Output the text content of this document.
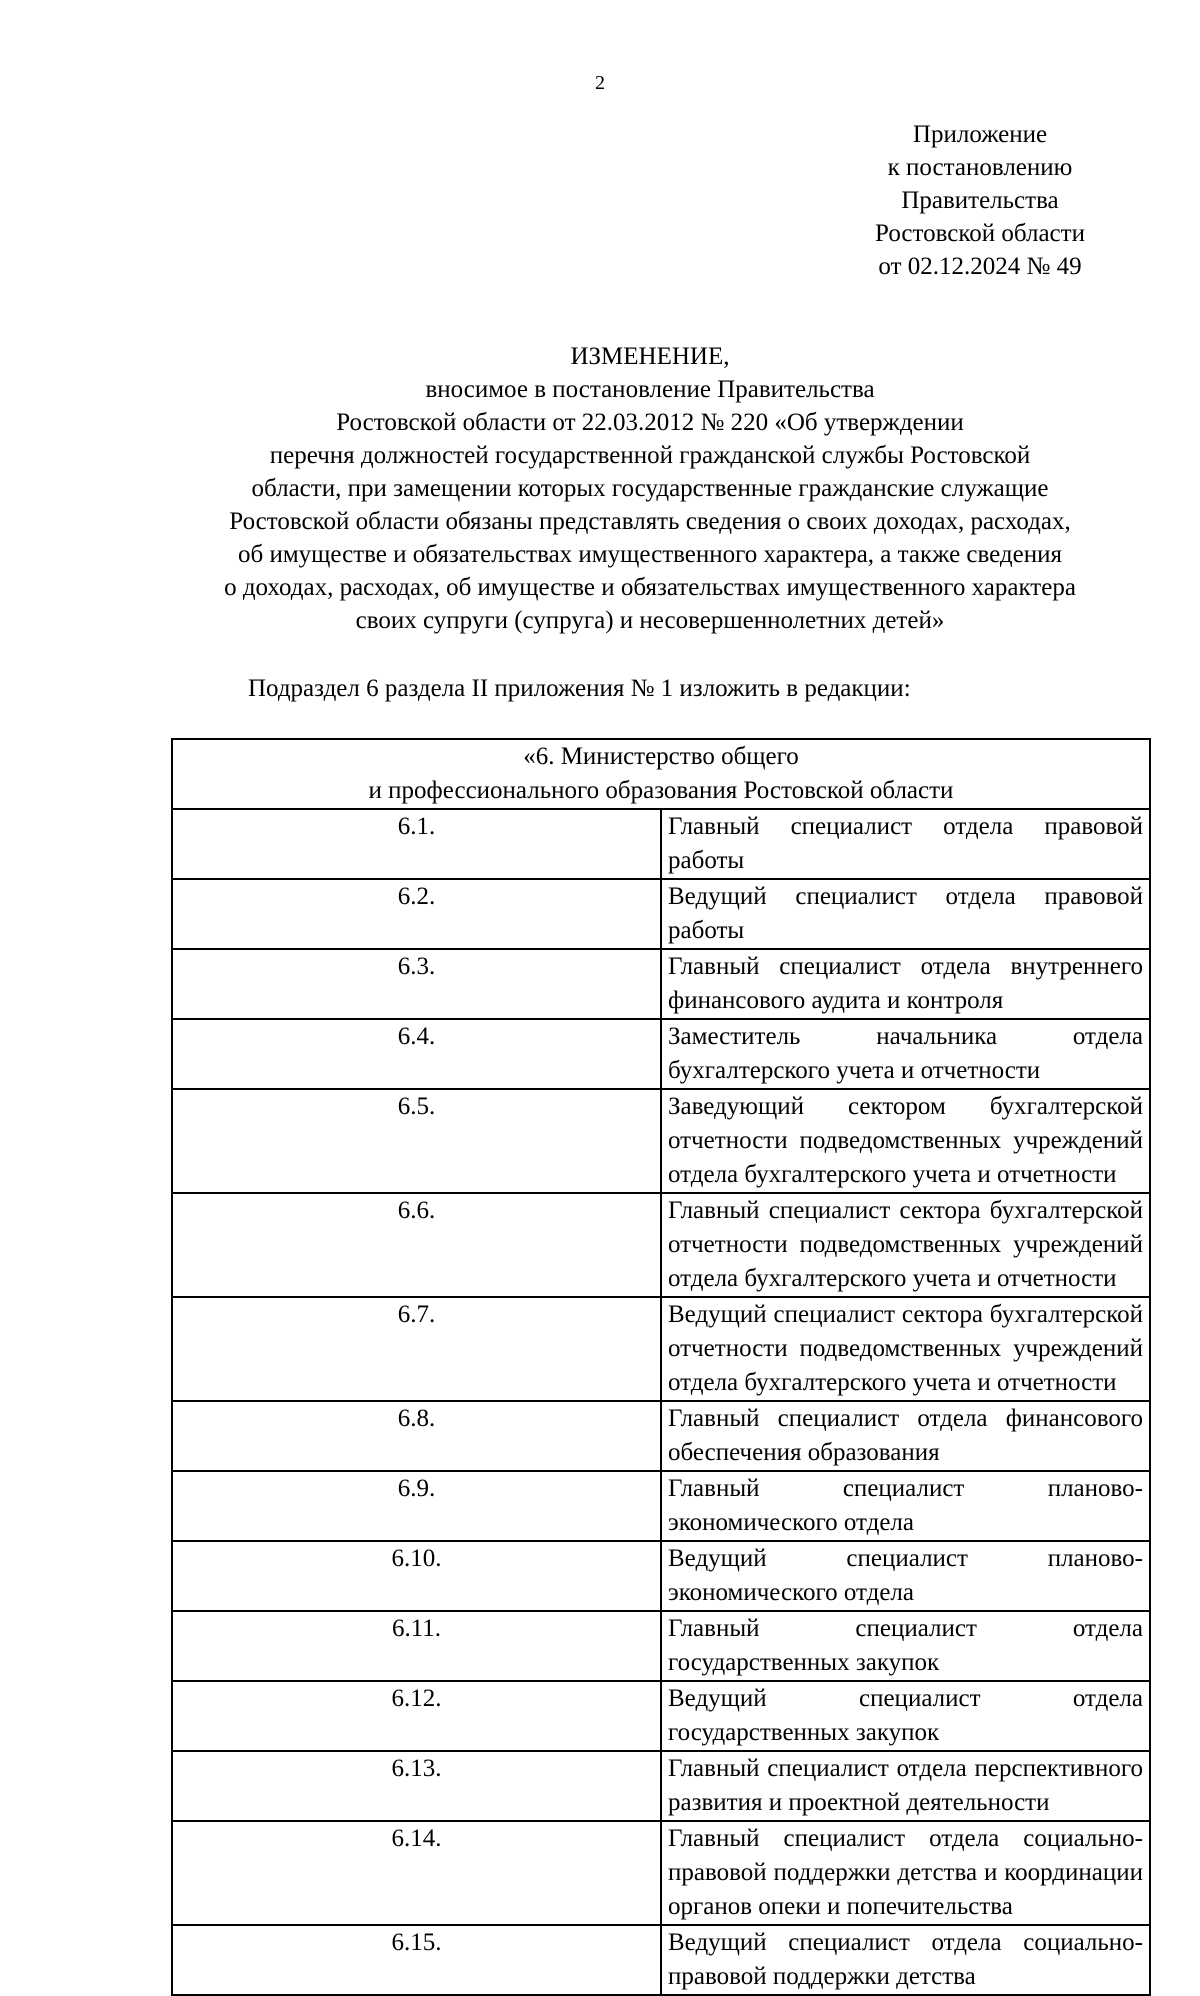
2
Приложение
к постановлению
Правительства
Ростовской области
от 02.12.2024 № 49
ИЗМЕНЕНИЕ,
вносимое в постановление Правительства
Ростовской области от 22.03.2012 № 220 «Об утверждении
перечня должностей государственной гражданской службы Ростовской
области, при замещении которых государственные гражданские служащие
Ростовской области обязаны представлять сведения о своих доходах, расходах,
об имуществе и обязательствах имущественного характера, а также сведения
о доходах, расходах, об имуществе и обязательствах имущественного характера
своих супруги (супруга) и несовершеннолетних детей»
Подраздел 6 раздела II приложения № 1 изложить в редакции:
«6. Министерство общего
и профессионального образования Ростовской области	

6.1.	Главный специалист отдела правовой работы
6.2.	Ведущий специалист отдела правовой работы
6.3.	Главный специалист отдела внутреннего финансового аудита и контроля
6.4.	Заместитель начальника отдела бухгалтерского учета и отчетности
6.5.	Заведующий сектором бухгалтерской отчетности подведомственных учреждений отдела бухгалтерского учета и отчетности
6.6.	Главный специалист сектора бухгалтерской отчетности подведомственных учреждений отдела бухгалтерского учета и отчетности
6.7.	Ведущий специалист сектора бухгалтерской отчетности подведомственных учреждений отдела бухгалтерского учета и отчетности
6.8.	Главный специалист отдела финансового обеспечения образования
6.9.	Главный специалист планово-экономического отдела
6.10.	Ведущий специалист планово-экономического отдела
6.11.	Главный специалист отдела государственных закупок
6.12.	Ведущий специалист отдела государственных закупок
6.13.	Главный специалист отдела перспективного развития и проектной деятельности
6.14.	Главный специалист отдела социально-правовой поддержки детства и координации органов опеки и попечительства
6.15.	Ведущий специалист отдела социально-правовой поддержки детства
